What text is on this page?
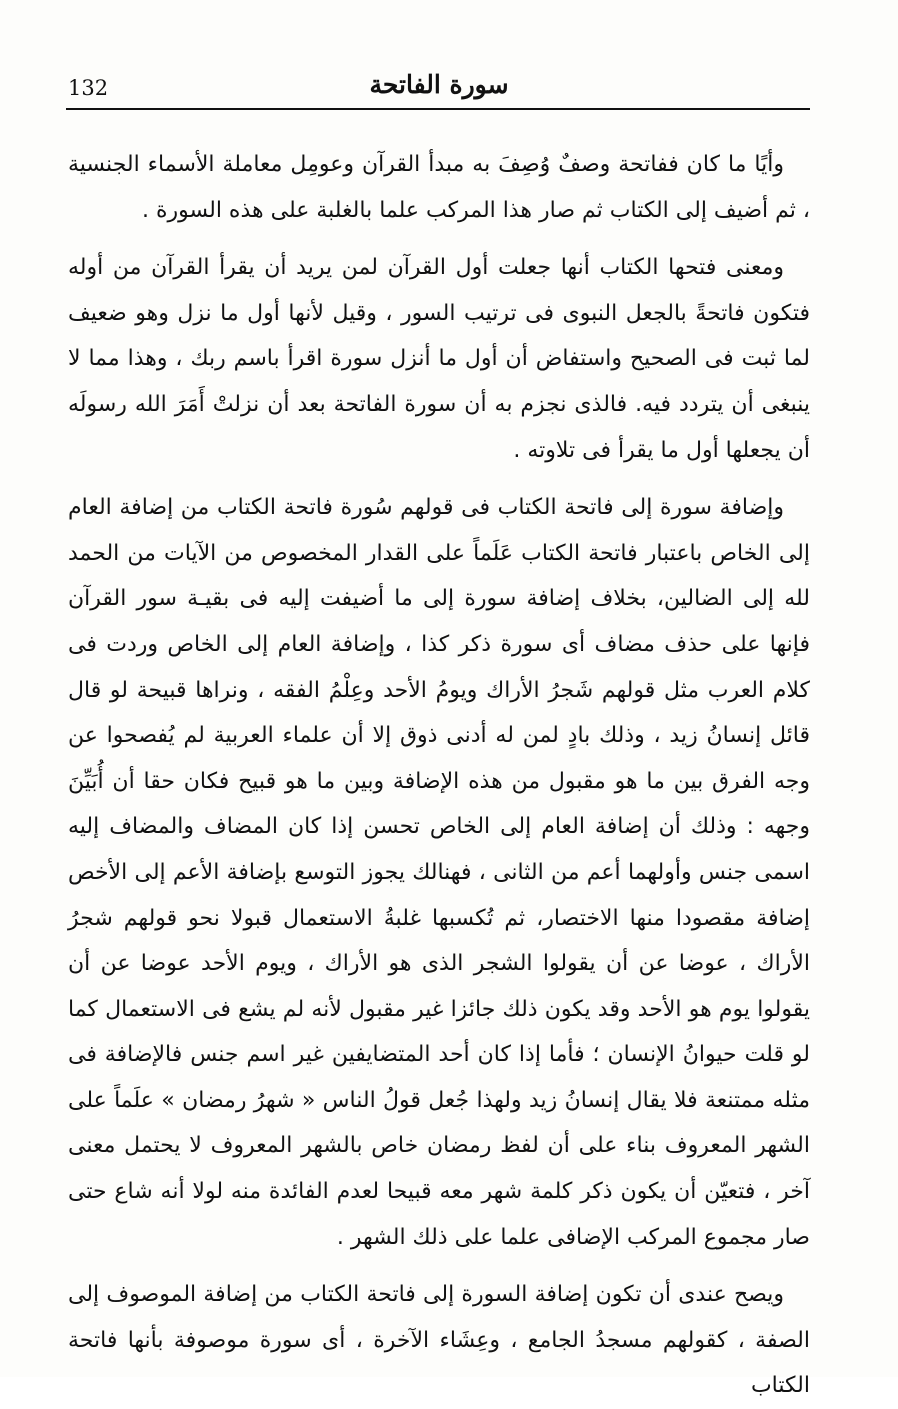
132	سورة الفاتحة

وأيًا ما كان ففاتحة وصفٌ وُصِفَ به مبدأ القرآن وعومِل معاملة الأسماء الجنسية ، ثم أضيف إلى الكتاب ثم صار هذا المركب علما بالغلبة على هذه السورة .

ومعنى فتحها الكتاب أنها جعلت أول القرآن لمن يريد أن يقرأ القرآن من أوله فتكون فاتحةً بالجعل النبوى فى ترتيب السور ، وقيل لأنها أول ما نزل وهو ضعيف لما ثبت فى الصحيح واستفاض أن أول ما أنزل سورة اقرأ باسم ربك ، وهذا مما لا ينبغى أن يتردد فيه. فالذى نجزم به أن سورة الفاتحة بعد أن نزلتْ أَمَرَ الله رسولَه أن يجعلها أول ما يقرأ فى تلاوته .

وإضافة سورة إلى فاتحة الكتاب فى قولهم سُورة فاتحة الكتاب من إضافة العام إلى الخاص باعتبار فاتحة الكتاب عَلَماً على القدار المخصوص من الآيات من الحمد لله إلى الضالين، بخلاف إضافة سورة إلى ما أضيفت إليه فى بقيـة سور القرآن فإنها على حذف مضاف أى سورة ذكر كذا ، وإضافة العام إلى الخاص وردت فى كلام العرب مثل قولهم شَجرُ الأراك ويومُ الأحد وعِلْمُ الفقه ، ونراها قبيحة لو قال قائل إنسانُ زيد ، وذلك بادٍ لمن له أدنى ذوق إلا أن علماء العربية لم يُفصحوا عن وجه الفرق بين ما هو مقبول من هذه الإضافة وبين ما هو قبيح فكان حقا أن أُبَيِّنَ وجهه : وذلك أن إضافة العام إلى الخاص تحسن إذا كان المضاف والمضاف إليه اسمى جنس وأولهما أعم من الثانى ، فهنالك يجوز التوسع بإضافة الأعم إلى الأخص إضافة مقصودا منها الاختصار، ثم تُكسبها غلبةُ الاستعمال قبولا نحو قولهم شجرُ الأراك ، عوضا عن أن يقولوا الشجر الذى هو الأراك ، ويوم الأحد عوضا عن أن يقولوا يوم هو الأحد وقد يكون ذلك جائزا غير مقبول لأنه لم يشع فى الاستعمال كما لو قلت حيوانُ الإنسان ؛ فأما إذا كان أحد المتضايفين غير اسم جنس فالإضافة فى مثله ممتنعة فلا يقال إنسانُ زيد ولهذا جُعل قولُ الناس « شهرُ رمضان » علَماً على الشهر المعروف بناء على أن لفظ رمضان خاص بالشهر المعروف لا يحتمل معنى آخر ، فتعيّن أن يكون ذكر كلمة شهر معه قبيحا لعدم الفائدة منه لولا أنه شاع حتى صار مجموع المركب الإضافى علما على ذلك الشهر .

ويصح عندى أن تكون إضافة السورة إلى فاتحة الكتاب من إضافة الموصوف إلى الصفة ، كقولهم مسجدُ الجامع ، وعِشَاء الآخرة ، أى سورة موصوفة بأنها فاتحة الكتاب
